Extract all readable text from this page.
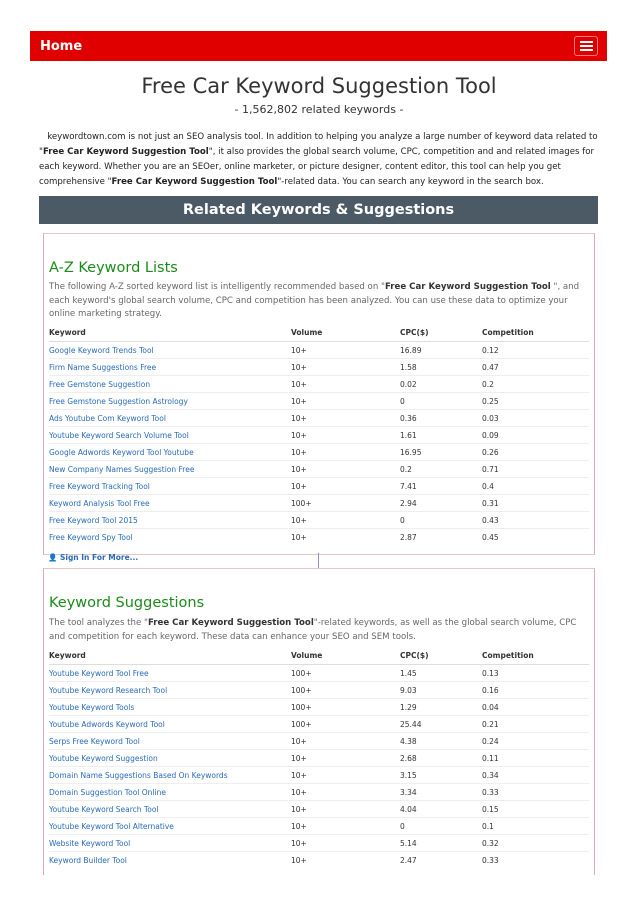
Home
Free Car Keyword Suggestion Tool
- 1,562,802 related keywords -
keywordtown.com is not just an SEO analysis tool. In addition to helping you analyze a large number of keyword data related to "Free Car Keyword Suggestion Tool", it also provides the global search volume, CPC, competition and and related images for each keyword. Whether you are an SEOer, online marketer, or picture designer, content editor, this tool can help you get comprehensive "Free Car Keyword Suggestion Tool"-related data. You can search any keyword in the search box.
Related Keywords & Suggestions
A-Z Keyword Lists
The following A-Z sorted keyword list is intelligently recommended based on "Free Car Keyword Suggestion Tool ", and each keyword's global search volume, CPC and competition has been analyzed. You can use these data to optimize your online marketing strategy.
Keyword	Volume	CPC($)	Competition
Google Keyword Trends Tool	10+	16.89	0.12
Firm Name Suggestions Free	10+	1.58	0.47
Free Gemstone Suggestion	10+	0.02	0.2
Free Gemstone Suggestion Astrology	10+	0	0.25
Ads Youtube Com Keyword Tool	10+	0.36	0.03
Youtube Keyword Search Volume Tool	10+	1.61	0.09
Google Adwords Keyword Tool Youtube	10+	16.95	0.26
New Company Names Suggestion Free	10+	0.2	0.71
Free Keyword Tracking Tool	10+	7.41	0.4
Keyword Analysis Tool Free	100+	2.94	0.31
Free Keyword Tool 2015	10+	0	0.43
Free Keyword Spy Tool	10+	2.87	0.45
👤 Sign In For More...
Keyword Suggestions
The tool analyzes the "Free Car Keyword Suggestion Tool"-related keywords, as well as the global search volume, CPC and competition for each keyword. These data can enhance your SEO and SEM tools.
Keyword	Volume	CPC($)	Competition
Youtube Keyword Tool Free	100+	1.45	0.13
Youtube Keyword Research Tool	100+	9.03	0.16
Youtube Keyword Tools	100+	1.29	0.04
Youtube Adwords Keyword Tool	100+	25.44	0.21
Serps Free Keyword Tool	10+	4.38	0.24
Youtube Keyword Suggestion	10+	2.68	0.11
Domain Name Suggestions Based On Keywords	10+	3.15	0.34
Domain Suggestion Tool Online	10+	3.34	0.33
Youtube Keyword Search Tool	10+	4.04	0.15
Youtube Keyword Tool Alternative	10+	0	0.1
Website Keyword Tool	10+	5.14	0.32
Keyword Builder Tool	10+	2.47	0.33
